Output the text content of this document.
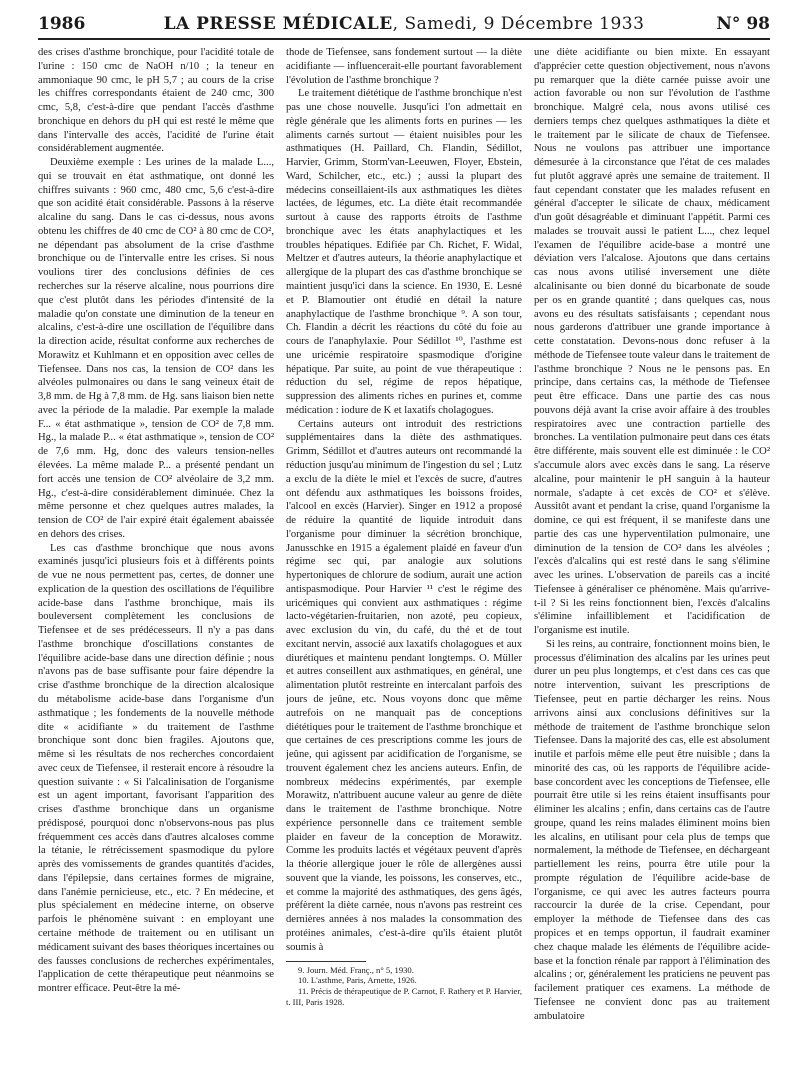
1986	LA PRESSE MÉDICALE, Samedi, 9 Décembre 1933	N° 98

des crises d'asthme bronchique, pour l'acidité totale de l'urine : 150 cmc de NaOH n/10 ; la teneur en ammoniaque 90 cmc, le pH 5,7 ; au cours de la crise les chiffres correspondants étaient de 240 cmc, 300 cmc, 5,8, c'est-à-dire que pendant l'accès d'asthme bronchique en dehors du pH qui est resté le même que dans l'intervalle des accès, l'acidité de l'urine était considérablement augmentée.

Deuxième exemple : Les urines de la malade L..., qui se trouvait en état asthmatique, ont donné les chiffres suivants : 960 cmc, 480 cmc, 5,6 c'est-à-dire que son acidité était considérable. Passons à la réserve alcaline du sang. Dans le cas ci-dessus, nous avons obtenu les chiffres de 40 cmc de CO² à 80 cmc de CO², ne dépendant pas absolument de la crise d'asthme bronchique ou de l'intervalle entre les crises. Si nous voulions tirer des conclusions définies de ces recherches sur la réserve alcaline, nous pourrions dire que c'est plutôt dans les périodes d'intensité de la maladie qu'on constate une diminution de la teneur en alcalins, c'est-à-dire une oscillation de l'équilibre dans la direction acide, résultat conforme aux recherches de Morawitz et Kuhlmann et en opposition avec celles de Tiefensee. Dans nos cas, la tension de CO² dans les alvéoles pulmonaires ou dans le sang veineux était de 3,8 mm. de Hg à 7,8 mm. de Hg. sans liaison bien nette avec la période de la maladie. Par exemple la malade F... « état asthmatique », tension de CO² de 7,8 mm. Hg., la malade P... « état asthmatique », tension de CO² de 7,6 mm. Hg, donc des valeurs tension-nelles élevées. La même malade P... a présenté pendant un fort accès une tension de CO² alvéolaire de 3,2 mm. Hg., c'est-à-dire considérablement diminuée. Chez la même personne et chez quelques autres malades, la tension de CO² de l'air expiré était également abaissée en dehors des crises.

Les cas d'asthme bronchique que nous avons examinés jusqu'ici plusieurs fois et à différents points de vue ne nous permettent pas, certes, de donner une explication de la question des oscillations de l'équilibre acide-base dans l'asthme bronchique, mais ils bouleversent complètement les conclusions de Tiefensee et de ses prédécesseurs. Il n'y a pas dans l'asthme bronchique d'oscillations constantes de l'équilibre acide-base dans une direction définie ; nous n'avons pas de base suffisante pour faire dépendre la crise d'asthme bronchique de la direction alcalosique du métabolisme acide-base dans l'organisme d'un asthmatique ; les fondements de la nouvelle méthode dite « acidifiante » du traitement de l'asthme bronchique sont donc bien fragiles. Ajoutons que, même si les résultats de nos recherches concordaient avec ceux de Tiefensee, il resterait encore à résoudre la question suivante : « Si l'alcalinisation de l'organisme est un agent important, favorisant l'apparition des crises d'asthme bronchique dans un organisme prédisposé, pourquoi donc n'observons-nous pas plus fréquemment ces accès dans d'autres alcaloses comme la tétanie, le rétrécissement spasmodique du pylore après des vomissements de grandes quantités d'acides, dans l'épilepsie, dans certaines formes de migraine, dans l'anémie pernicieuse, etc., etc. ? En médecine, et plus spécialement en médecine interne, on observe parfois le phénomène suivant : en employant une certaine méthode de traitement ou en utilisant un médicament suivant des bases théoriques incertaines ou des fausses conclusions de recherches expérimentales, l'application de cette thérapeutique peut néanmoins se montrer efficace. Peut-être la mé-

thode de Tiefensee, sans fondement surtout — la diète acidifiante — influencerait-elle pourtant favorablement l'évolution de l'asthme bronchique ?

Le traitement diététique de l'asthme bronchique n'est pas une chose nouvelle. Jusqu'ici l'on admettait en règle générale que les aliments forts en purines — les aliments carnés surtout — étaient nuisibles pour les asthmatiques (H. Paillard, Ch. Flandin, Sédillot, Harvier, Grimm, Storm'van-Leeuwen, Floyer, Ebstein, Ward, Schilcher, etc., etc.) ; aussi la plupart des médecins conseillaient-ils aux asthmatiques les diètes lactées, de légumes, etc. La diète était recommandée surtout à cause des rapports étroits de l'asthme bronchique avec les états anaphylactiques et les troubles hépatiques. Edifiée par Ch. Richet, F. Widal, Meltzer et d'autres auteurs, la théorie anaphylactique et allergique de la plupart des cas d'asthme bronchique se maintient jusqu'ici dans la science. En 1930, E. Lesné et P. Blamoutier ont étudié en détail la nature anaphylactique de l'asthme bronchique ⁹. A son tour, Ch. Flandin a décrit les réactions du côté du foie au cours de l'anaphylaxie. Pour Sédillot ¹⁰, l'asthme est une uricémie respiratoire spasmodique d'origine hépatique. Par suite, au point de vue thérapeutique : réduction du sel, régime de repos hépatique, suppression des aliments riches en purines et, comme médication : iodure de K et laxatifs cholagogues.

Certains auteurs ont introduit des restrictions supplémentaires dans la diète des asthmatiques. Grimm, Sédillot et d'autres auteurs ont recommandé la réduction jusqu'au minimum de l'ingestion du sel ; Lutz a exclu de la diète le miel et l'excès de sucre, d'autres ont défendu aux asthmatiques les boissons froides, l'alcool en excès (Harvier). Singer en 1912 a proposé de réduire la quantité de liquide introduit dans l'organisme pour diminuer la sécrétion bronchique, Janusschke en 1915 a également plaidé en faveur d'un régime sec qui, par analogie aux solutions hypertoniques de chlorure de sodium, aurait une action antispasmodique. Pour Harvier ¹¹ c'est le régime des uricémiques qui convient aux asthmatiques : régime lacto-végétarien-fruitarien, non azoté, peu copieux, avec exclusion du vin, du café, du thé et de tout excitant nervin, associé aux laxatifs cholagogues et aux diurétiques et maintenu pendant longtemps. O. Müller et autres conseillent aux asthmatiques, en général, une alimentation plutôt restreinte en intercalant parfois des jours de jeûne, etc. Nous voyons donc que même autrefois on ne manquait pas de conceptions diététiques pour le traitement de l'asthme bronchique et que certaines de ces prescriptions comme les jours de jeûne, qui agissent par acidification de l'organisme, se trouvent également chez les anciens auteurs. Enfin, de nombreux médecins expérimentés, par exemple Morawitz, n'attribuent aucune valeur au genre de diète dans le traitement de l'asthme bronchique. Notre expérience personnelle dans ce traitement semble plaider en faveur de la conception de Morawitz. Comme les produits lactés et végétaux peuvent d'après la théorie allergique jouer le rôle de allergènes aussi souvent que la viande, les poissons, les conserves, etc., et comme la majorité des asthmatiques, des gens âgés, préfèrent la diète carnée, nous n'avons pas restreint ces dernières années à nos malades la consommation des protéines animales, c'est-à-dire qu'ils étaient plutôt soumis à

9. Journ. Méd. Franç., n° 5, 1930.

10. L'asthme, Paris, Arnette, 1926.

11. Précis de thérapeutique de P. Carnot, F. Rathery et P. Harvier, t. III, Paris 1928.

une diète acidifiante ou bien mixte. En essayant d'apprécier cette question objectivement, nous n'avons pu remarquer que la diète carnée puisse avoir une action favorable ou non sur l'évolution de l'asthme bronchique. Malgré cela, nous avons utilisé ces derniers temps chez quelques asthmatiques la diète et le traitement par le silicate de chaux de Tiefensee. Nous ne voulons pas attribuer une importance démesurée à la circonstance que l'état de ces malades fut plutôt aggravé après une semaine de traitement. Il faut cependant constater que les malades refusent en général d'accepter le silicate de chaux, médicament d'un goût désagréable et diminuant l'appétit. Parmi ces malades se trouvait aussi le patient L..., chez lequel l'examen de l'équilibre acide-base a montré une déviation vers l'alcalose. Ajoutons que dans certains cas nous avons utilisé inversement une diète alcalinisante ou bien donné du bicarbonate de soude per os en grande quantité ; dans quelques cas, nous avons eu des résultats satisfaisants ; cependant nous nous garderons d'attribuer une grande importance à cette constatation. Devons-nous donc refuser à la méthode de Tiefensee toute valeur dans le traitement de l'asthme bronchique ? Nous ne le pensons pas. En principe, dans certains cas, la méthode de Tiefensee peut être efficace. Dans une partie des cas nous pouvons déjà avant la crise avoir affaire à des troubles respiratoires avec une contraction partielle des bronches. La ventilation pulmonaire peut dans ces états être différente, mais souvent elle est diminuée : le CO² s'accumule alors avec excès dans le sang. La réserve alcaline, pour maintenir le pH sanguin à la hauteur normale, s'adapte à cet excès de CO² et s'élève. Aussitôt avant et pendant la crise, quand l'organisme la domine, ce qui est fréquent, il se manifeste dans une partie des cas une hyperventilation pulmonaire, une diminution de la tension de CO² dans les alvéoles ; l'excès d'alcalins qui est resté dans le sang s'élimine avec les urines. L'observation de pareils cas a incité Tiefensee à généraliser ce phénomène. Mais qu'arrive-t-il ? Si les reins fonctionnent bien, l'excès d'alcalins s'élimine infailliblement et l'acidification de l'organisme est inutile.

Si les reins, au contraire, fonctionnent moins bien, le processus d'élimination des alcalins par les urines peut durer un peu plus longtemps, et c'est dans ces cas que notre intervention, suivant les prescriptions de Tiefensee, peut en partie décharger les reins. Nous arrivons ainsi aux conclusions définitives sur la méthode de traitement de l'asthme bronchique selon Tiefensee. Dans la majorité des cas, elle est absolument inutile et parfois même elle peut être nuisible ; dans la minorité des cas, où les rapports de l'équilibre acide-base concordent avec les conceptions de Tiefensee, elle pourrait être utile si les reins étaient insuffisants pour éliminer les alcalins ; enfin, dans certains cas de l'autre groupe, quand les reins malades éliminent moins bien les alcalins, en utilisant pour cela plus de temps que normalement, la méthode de Tiefensee, en déchargeant partiellement les reins, pourra être utile pour la prompte régulation de l'équilibre acide-base de l'organisme, ce qui avec les autres facteurs pourra raccourcir la durée de la crise. Cependant, pour employer la méthode de Tiefensee dans des cas propices et en temps opportun, il faudrait examiner chez chaque malade les éléments de l'équilibre acide-base et la fonction rénale par rapport à l'élimination des alcalins ; or, généralement les praticiens ne peuvent pas facilement pratiquer ces examens. La méthode de Tiefensee ne convient donc pas au traitement ambulatoire
